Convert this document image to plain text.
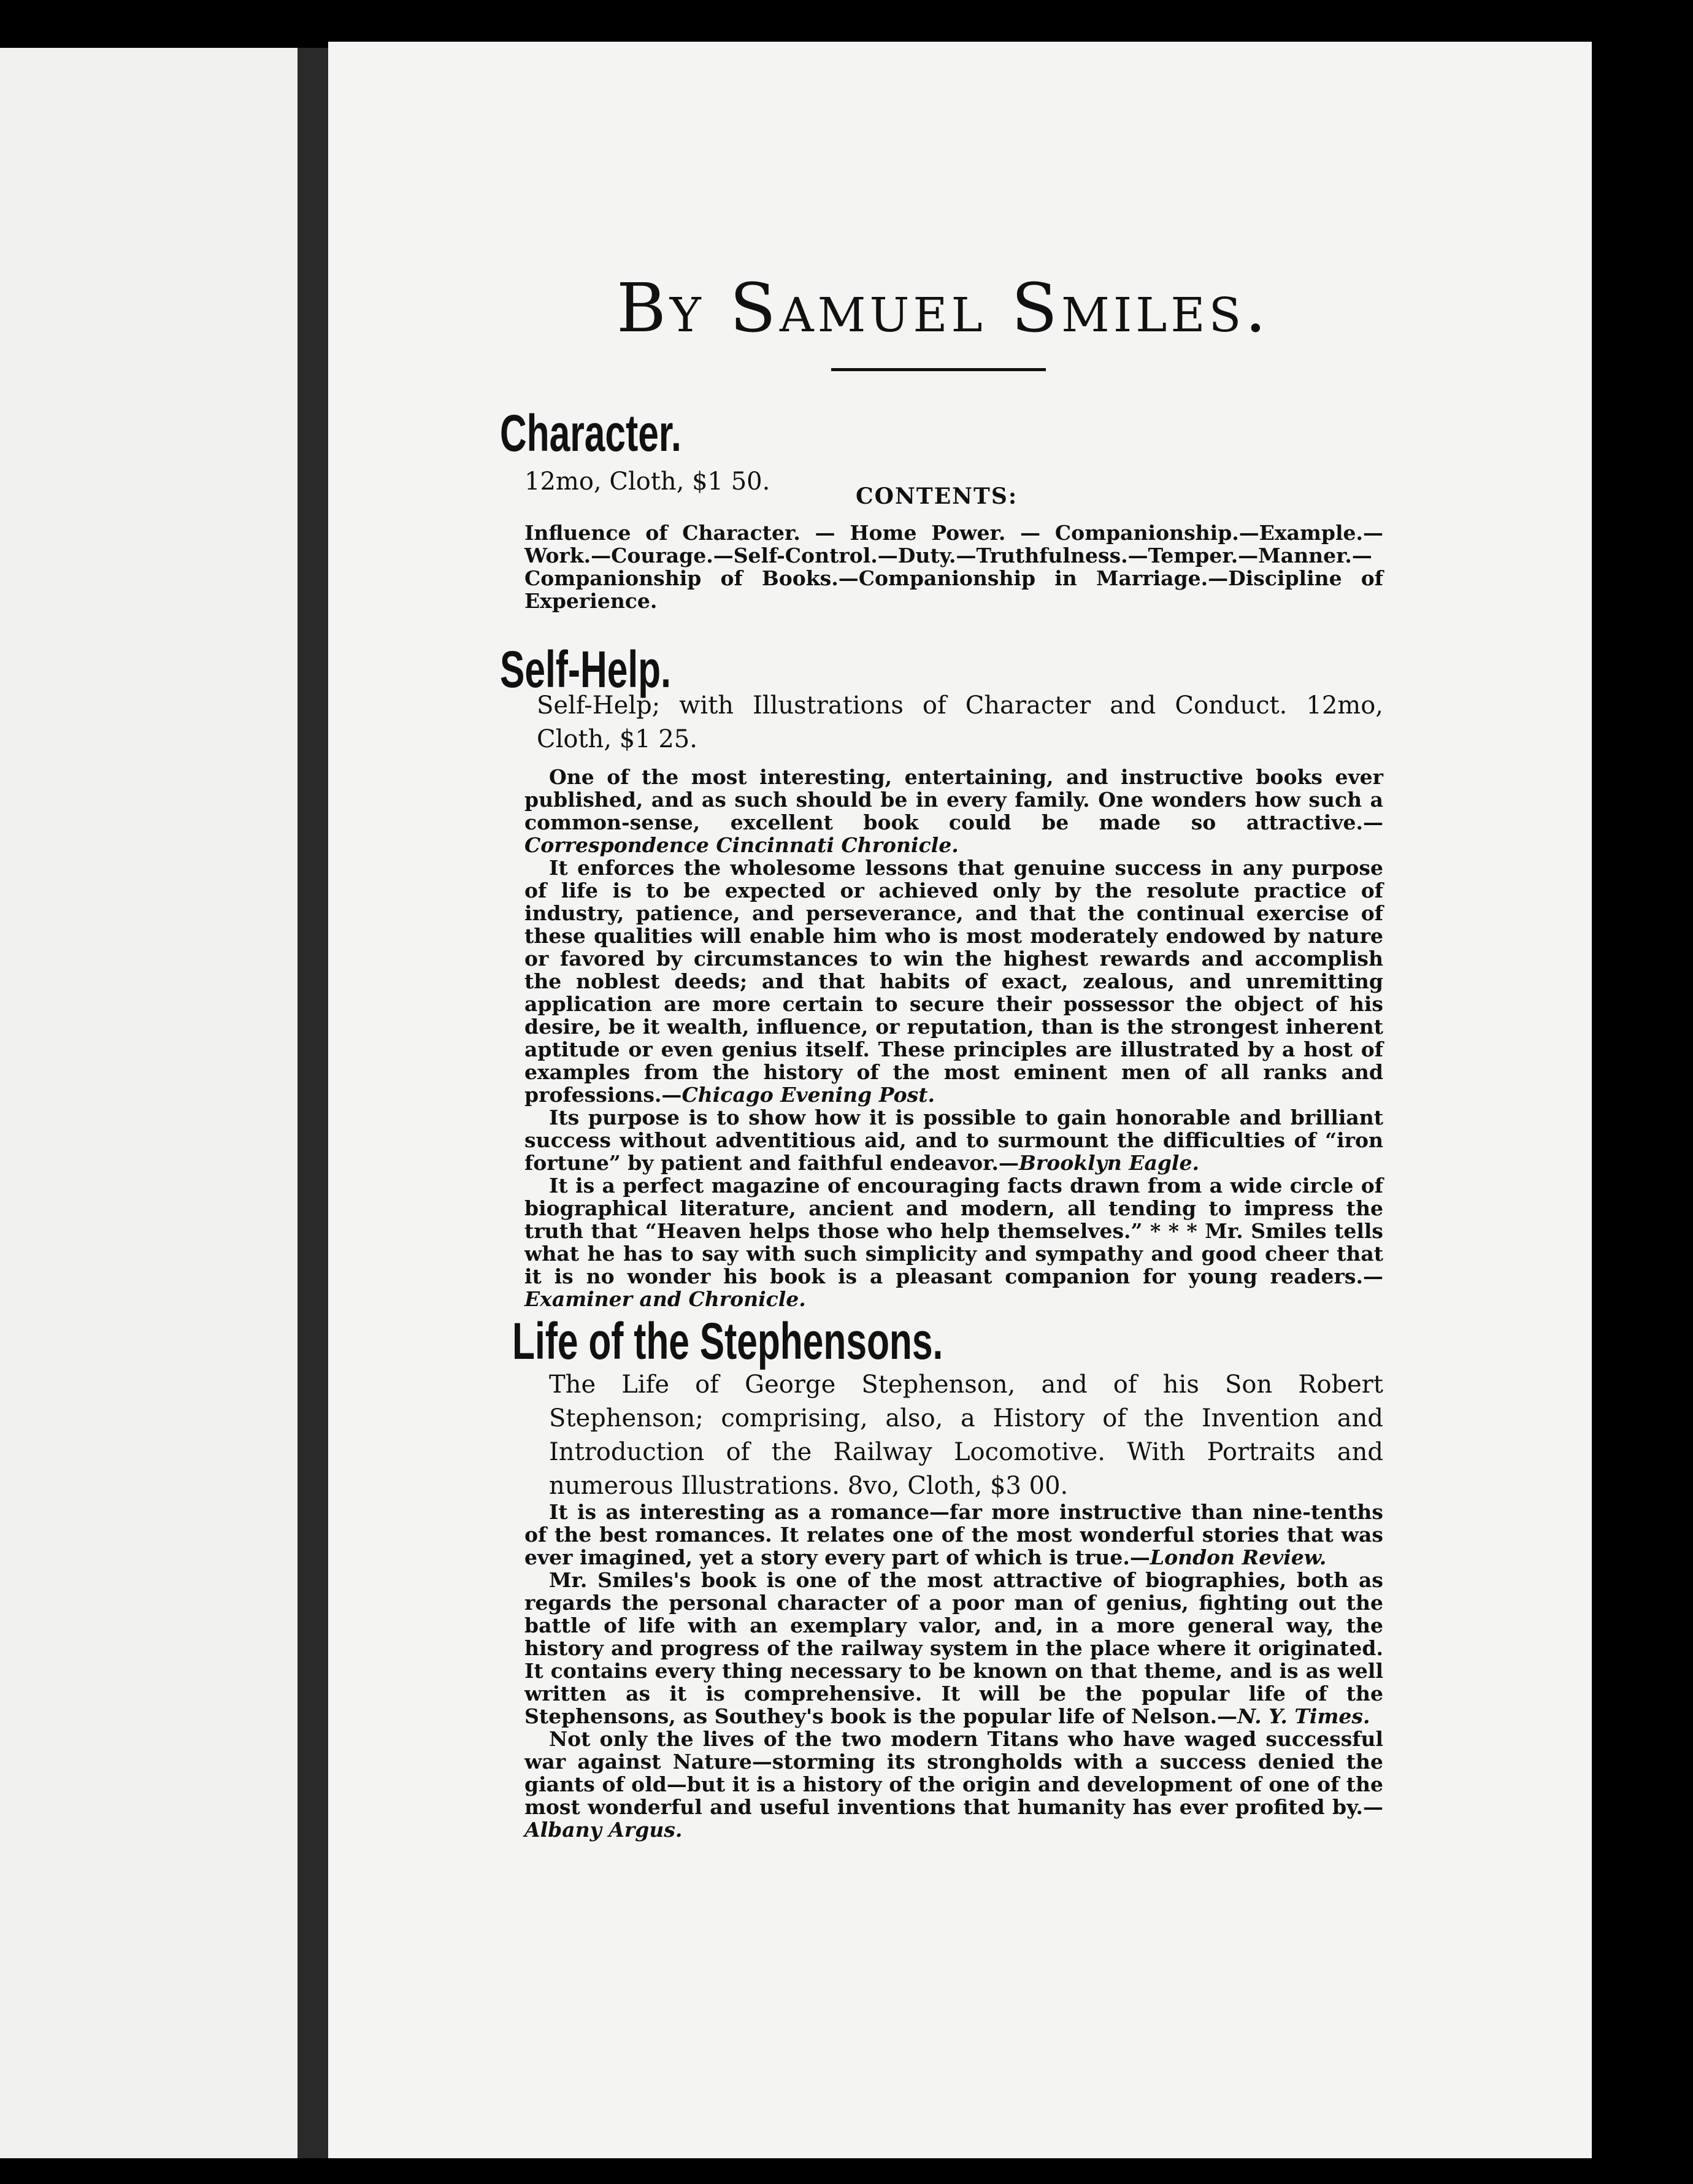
By Samuel Smiles.
Character.
12mo, Cloth, $1 50.
CONTENTS:

Influence of Character. — Home Power. — Companionship.—Example.—Work.—Courage.—Self-Control.—Duty.—Truthfulness.—Temper.—Manner.—Companionship of Books.—Companionship in Marriage.—Discipline of Experience.

Self-Help.
Self-Help; with Illustrations of Character and Conduct. 12mo, Cloth, $1 25.

One of the most interesting, entertaining, and instructive books ever published, and as such should be in every family. One wonders how such a common-sense, excellent book could be made so attractive.—Correspondence Cincinnati Chronicle.

It enforces the wholesome lessons that genuine success in any purpose of life is to be expected or achieved only by the resolute practice of industry, patience, and perseverance, and that the continual exercise of these qualities will enable him who is most moderately endowed by nature or favored by circumstances to win the highest rewards and accomplish the noblest deeds; and that habits of exact, zealous, and unremitting application are more certain to secure their possessor the object of his desire, be it wealth, influence, or reputation, than is the strongest inherent aptitude or even genius itself. These principles are illustrated by a host of examples from the history of the most eminent men of all ranks and professions.—Chicago Evening Post.

Its purpose is to show how it is possible to gain honorable and brilliant success without adventitious aid, and to surmount the difficulties of “iron fortune” by patient and faithful endeavor.—Brooklyn Eagle.

It is a perfect magazine of encouraging facts drawn from a wide circle of biographical literature, ancient and modern, all tending to impress the truth that “Heaven helps those who help themselves.” * * * Mr. Smiles tells what he has to say with such simplicity and sympathy and good cheer that it is no wonder his book is a pleasant companion for young readers.—Examiner and Chronicle.

Life of the Stephensons.
The Life of George Stephenson, and of his Son Robert Stephenson; comprising, also, a History of the Invention and Introduction of the Railway Locomotive. With Portraits and numerous Illustrations. 8vo, Cloth, $3 00.

It is as interesting as a romance—far more instructive than nine-tenths of the best romances. It relates one of the most wonderful stories that was ever imagined, yet a story every part of which is true.—London Review.

Mr. Smiles's book is one of the most attractive of biographies, both as regards the personal character of a poor man of genius, fighting out the battle of life with an exemplary valor, and, in a more general way, the history and progress of the railway system in the place where it originated. It contains every thing necessary to be known on that theme, and is as well written as it is comprehensive. It will be the popular life of the Stephensons, as Southey's book is the popular life of Nelson.—N. Y. Times.

Not only the lives of the two modern Titans who have waged successful war against Nature—storming its strongholds with a success denied the giants of old—but it is a history of the origin and development of one of the most wonderful and useful inventions that humanity has ever profited by.—Albany Argus.
